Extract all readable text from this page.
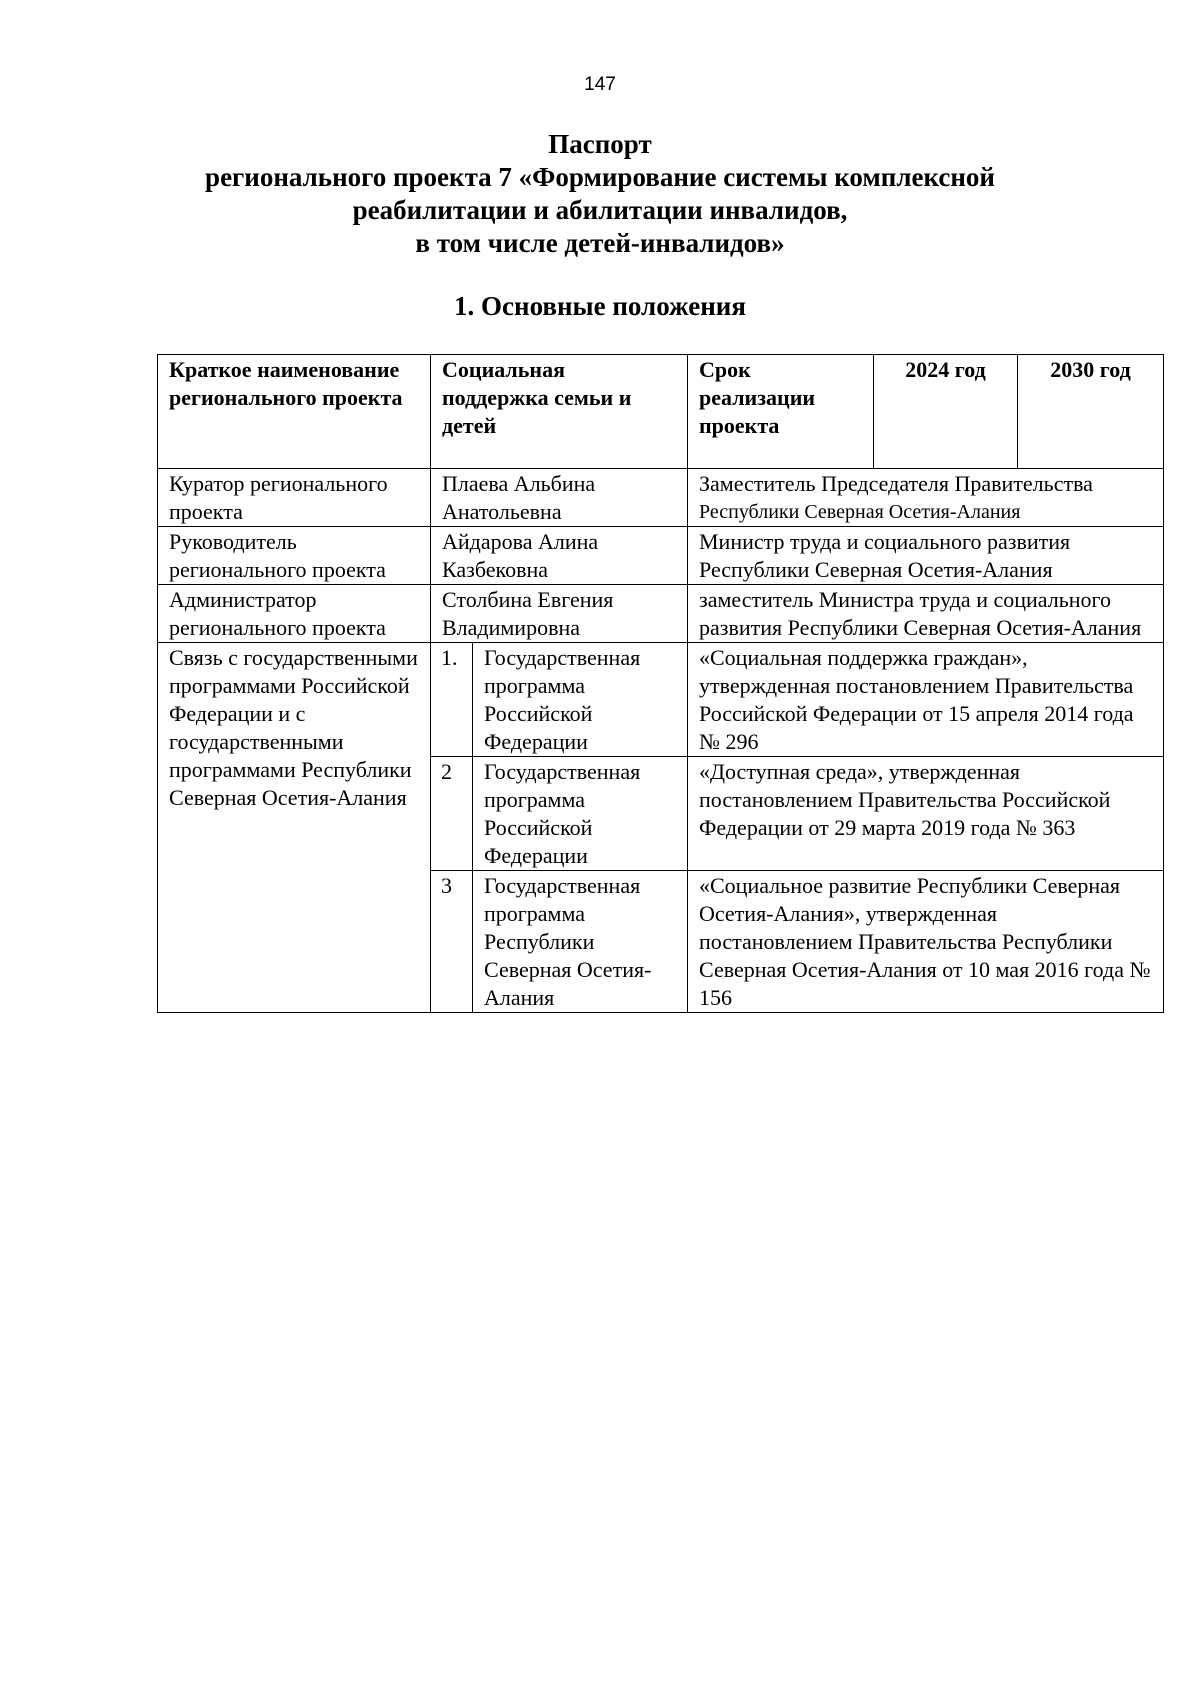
147
Паспорт
регионального проекта 7 «Формирование системы комплексной
реабилитации и абилитации инвалидов,
в том числе детей-инвалидов»
1. Основные положения
Краткое наименование регионального проекта	Социальная поддержка семьи и детей		Срок реализации проекта	2024 год	2030 год
Куратор регионального проекта	Плаева Альбина Анатольевна		Заместитель Председателя Правительства
Республики Северная Осетия-Алания		

Руководитель регионального проекта	Айдарова Алина Казбековна		Министр труда и социального развития Республики Северная Осетия-Алания		
Администратор регионального проекта	Столбина Евгения Владимировна		заместитель Министра труда и социального развития Республики Северная Осетия-Алания		
Связь с государственными программами Российской Федерации и с государственными программами Республики Северная Осетия-Алания	1.	Государственная программа Российской Федерации	«Социальная поддержка граждан», утвержденная постановлением Правительства Российской Федерации от 15 апреля 2014 года № 296		
	2	Государственная программа Российской Федерации	«Доступная среда», утвержденная постановлением Правительства Российской Федерации от 29 марта 2019 года № 363		
	3	Государственная программа Республики Северная Осетия-Алания	«Социальное развитие Республики Северная Осетия-Алания», утвержденная постановлением Правительства Республики Северная Осетия-Алания от 10 мая 2016 года № 156		
